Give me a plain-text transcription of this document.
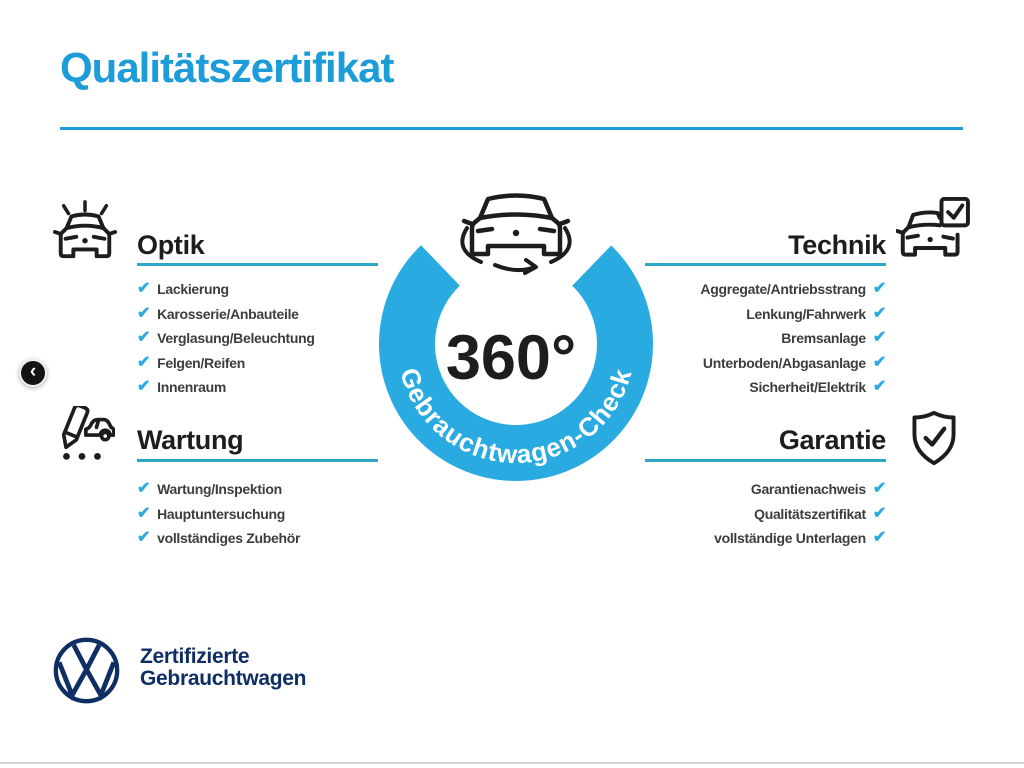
‹
Qualitätszertifikat
Optik
Wartung
Technik
Garantie
✔ Lackierung
✔ Karosserie/Anbauteile
✔ Verglasung/Beleuchtung
✔ Felgen/Reifen
✔ Innenraum
✔ Wartung/Inspektion
✔ Hauptuntersuchung
✔ vollständiges Zubehör
Aggregate/Antriebsstrang ✔
Lenkung/Fahrwerk ✔
Bremsanlage ✔
Unterboden/Abgasanlage ✔
Sicherheit/Elektrik ✔
Garantienachweis ✔
Qualitätszertifikat ✔
vollständige Unterlagen ✔
Gebrauchtwagen-Check
360°
Zertifizierte
Gebrauchtwagen
